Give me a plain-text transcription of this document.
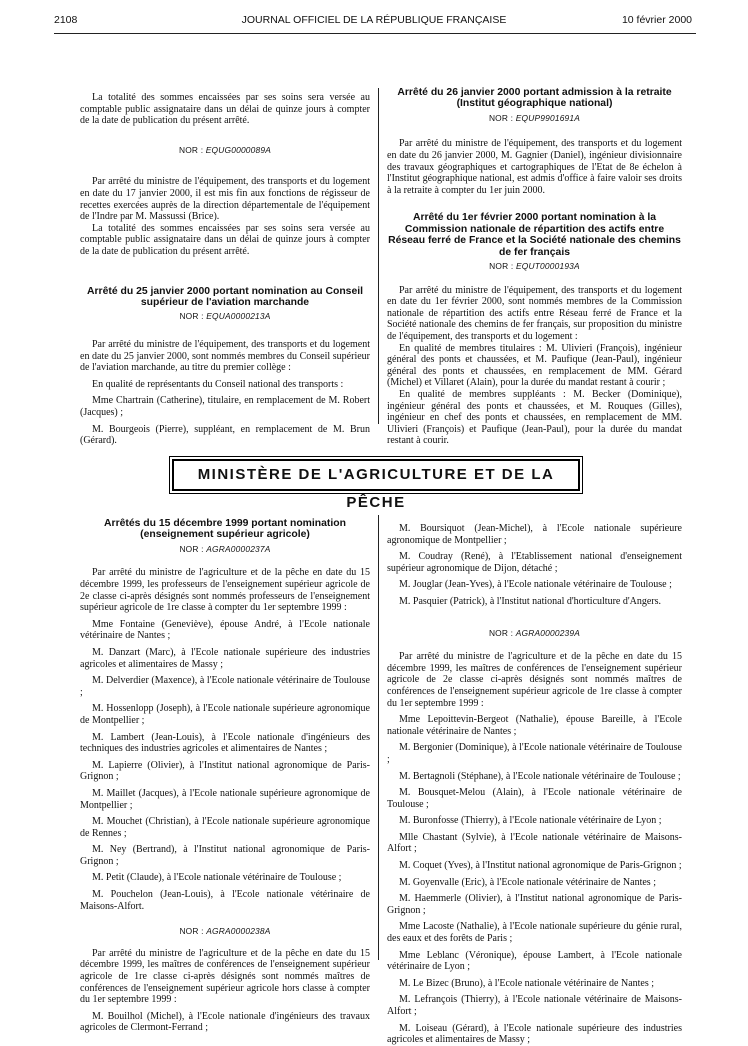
2108	JOURNAL OFFICIEL DE LA RÉPUBLIQUE FRANÇAISE	10 février 2000

La totalité des sommes encaissées par ses soins sera versée au comptable public assignataire dans un délai de quinze jours à compter de la date de publication du présent arrêté.

NOR : EQUG0000089A

Par arrêté du ministre de l'équipement, des transports et du logement en date du 17 janvier 2000, il est mis fin aux fonctions de régisseur de recettes exercées auprès de la direction départementale de l'équipement de l'Indre par M. Massussi (Brice).

La totalité des sommes encaissées par ses soins sera versée au comptable public assignataire dans un délai de quinze jours à compter de la date de publication du présent arrêté.

Arrêté du 25 janvier 2000 portant nomination au Conseil supérieur de l'aviation marchande
NOR : EQUA0000213A

Par arrêté du ministre de l'équipement, des transports et du logement en date du 25 janvier 2000, sont nommés membres du Conseil supérieur de l'aviation marchande, au titre du premier collège :

En qualité de représentants du Conseil national des transports :

Mme Chartrain (Catherine), titulaire, en remplacement de M. Robert (Jacques) ;

M. Bourgeois (Pierre), suppléant, en remplacement de M. Brun (Gérard).

Arrêté du 26 janvier 2000 portant admission à la retraite (Institut géographique national)
NOR : EQUP9901691A

Par arrêté du ministre de l'équipement, des transports et du logement en date du 26 janvier 2000, M. Gagnier (Daniel), ingénieur divisionnaire des travaux géographiques et cartographiques de l'Etat de 8e échelon à l'Institut géographique national, est admis d'office à faire valoir ses droits à la retraite à compter du 1er juin 2000.

Arrêté du 1er février 2000 portant nomination à la Commission nationale de répartition des actifs entre Réseau ferré de France et la Société nationale des chemins de fer français
NOR : EQUT0000193A

Par arrêté du ministre de l'équipement, des transports et du logement en date du 1er février 2000, sont nommés membres de la Commission nationale de répartition des actifs entre Réseau ferré de France et la Société nationale des chemins de fer français, sur proposition du ministre de l'équipement, des transports et du logement :

En qualité de membres titulaires : M. Ulivieri (François), ingénieur général des ponts et chaussées, et M. Paufique (Jean-Paul), ingénieur général des ponts et chaussées, en remplacement de MM. Gérard (Michel) et Villaret (Alain), pour la durée du mandat restant à courir ;

En qualité de membres suppléants : M. Becker (Dominique), ingénieur général des ponts et chaussées, et M. Rouques (Gilles), ingénieur en chef des ponts et chaussées, en remplacement de MM. Ulivieri (François) et Paufique (Jean-Paul), pour la durée du mandat restant à courir.

MINISTÈRE DE L'AGRICULTURE ET DE LA PÊCHE
Arrêtés du 15 décembre 1999 portant nomination (enseignement supérieur agricole)
NOR : AGRA0000237A

Par arrêté du ministre de l'agriculture et de la pêche en date du 15 décembre 1999, les professeurs de l'enseignement supérieur agricole de 2e classe ci-après désignés sont nommés professeurs de l'enseignement supérieur agricole de 1re classe à compter du 1er septembre 1999 :

Mme Fontaine (Geneviève), épouse André, à l'Ecole nationale vétérinaire de Nantes ;

M. Danzart (Marc), à l'Ecole nationale supérieure des industries agricoles et alimentaires de Massy ;

M. Delverdier (Maxence), à l'Ecole nationale vétérinaire de Toulouse ;

M. Hossenlopp (Joseph), à l'Ecole nationale supérieure agronomique de Montpellier ;

M. Lambert (Jean-Louis), à l'Ecole nationale d'ingénieurs des techniques des industries agricoles et alimentaires de Nantes ;

M. Lapierre (Olivier), à l'Institut national agronomique de Paris-Grignon ;

M. Maillet (Jacques), à l'Ecole nationale supérieure agronomique de Montpellier ;

M. Mouchet (Christian), à l'Ecole nationale supérieure agronomique de Rennes ;

M. Ney (Bertrand), à l'Institut national agronomique de Paris-Grignon ;

M. Petit (Claude), à l'Ecole nationale vétérinaire de Toulouse ;

M. Pouchelon (Jean-Louis), à l'Ecole nationale vétérinaire de Maisons-Alfort.

NOR : AGRA0000238A

Par arrêté du ministre de l'agriculture et de la pêche en date du 15 décembre 1999, les maîtres de conférences de l'enseignement supérieur agricole de 1re classe ci-après désignés sont nommés maîtres de conférences de l'enseignement supérieur agricole hors classe à compter du 1er septembre 1999 :

M. Bouilhol (Michel), à l'Ecole nationale d'ingénieurs des travaux agricoles de Clermont-Ferrand ;

M. Boursiquot (Jean-Michel), à l'Ecole nationale supérieure agronomique de Montpellier ;

M. Coudray (René), à l'Etablissement national d'enseignement supérieur agronomique de Dijon, détaché ;

M. Jouglar (Jean-Yves), à l'Ecole nationale vétérinaire de Toulouse ;

M. Pasquier (Patrick), à l'Institut national d'horticulture d'Angers.

NOR : AGRA0000239A

Par arrêté du ministre de l'agriculture et de la pêche en date du 15 décembre 1999, les maîtres de conférences de l'enseignement supérieur agricole de 2e classe ci-après désignés sont nommés maîtres de conférences de l'enseignement supérieur agricole de 1re classe à compter du 1er septembre 1999 :

Mme Lepoittevin-Bergeot (Nathalie), épouse Bareille, à l'Ecole nationale vétérinaire de Nantes ;

M. Bergonier (Dominique), à l'Ecole nationale vétérinaire de Toulouse ;

M. Bertagnoli (Stéphane), à l'Ecole nationale vétérinaire de Toulouse ;

M. Bousquet-Melou (Alain), à l'Ecole nationale vétérinaire de Toulouse ;

M. Buronfosse (Thierry), à l'Ecole nationale vétérinaire de Lyon ;

Mlle Chastant (Sylvie), à l'Ecole nationale vétérinaire de Maisons-Alfort ;

M. Coquet (Yves), à l'Institut national agronomique de Paris-Grignon ;

M. Goyenvalle (Eric), à l'Ecole nationale vétérinaire de Nantes ;

M. Haemmerle (Olivier), à l'Institut national agronomique de Paris-Grignon ;

Mme Lacoste (Nathalie), à l'Ecole nationale supérieure du génie rural, des eaux et des forêts de Paris ;

Mme Leblanc (Véronique), épouse Lambert, à l'Ecole nationale vétérinaire de Lyon ;

M. Le Bizec (Bruno), à l'Ecole nationale vétérinaire de Nantes ;

M. Lefrançois (Thierry), à l'Ecole nationale vétérinaire de Maisons-Alfort ;

M. Loiseau (Gérard), à l'Ecole nationale supérieure des industries agricoles et alimentaires de Massy ;
